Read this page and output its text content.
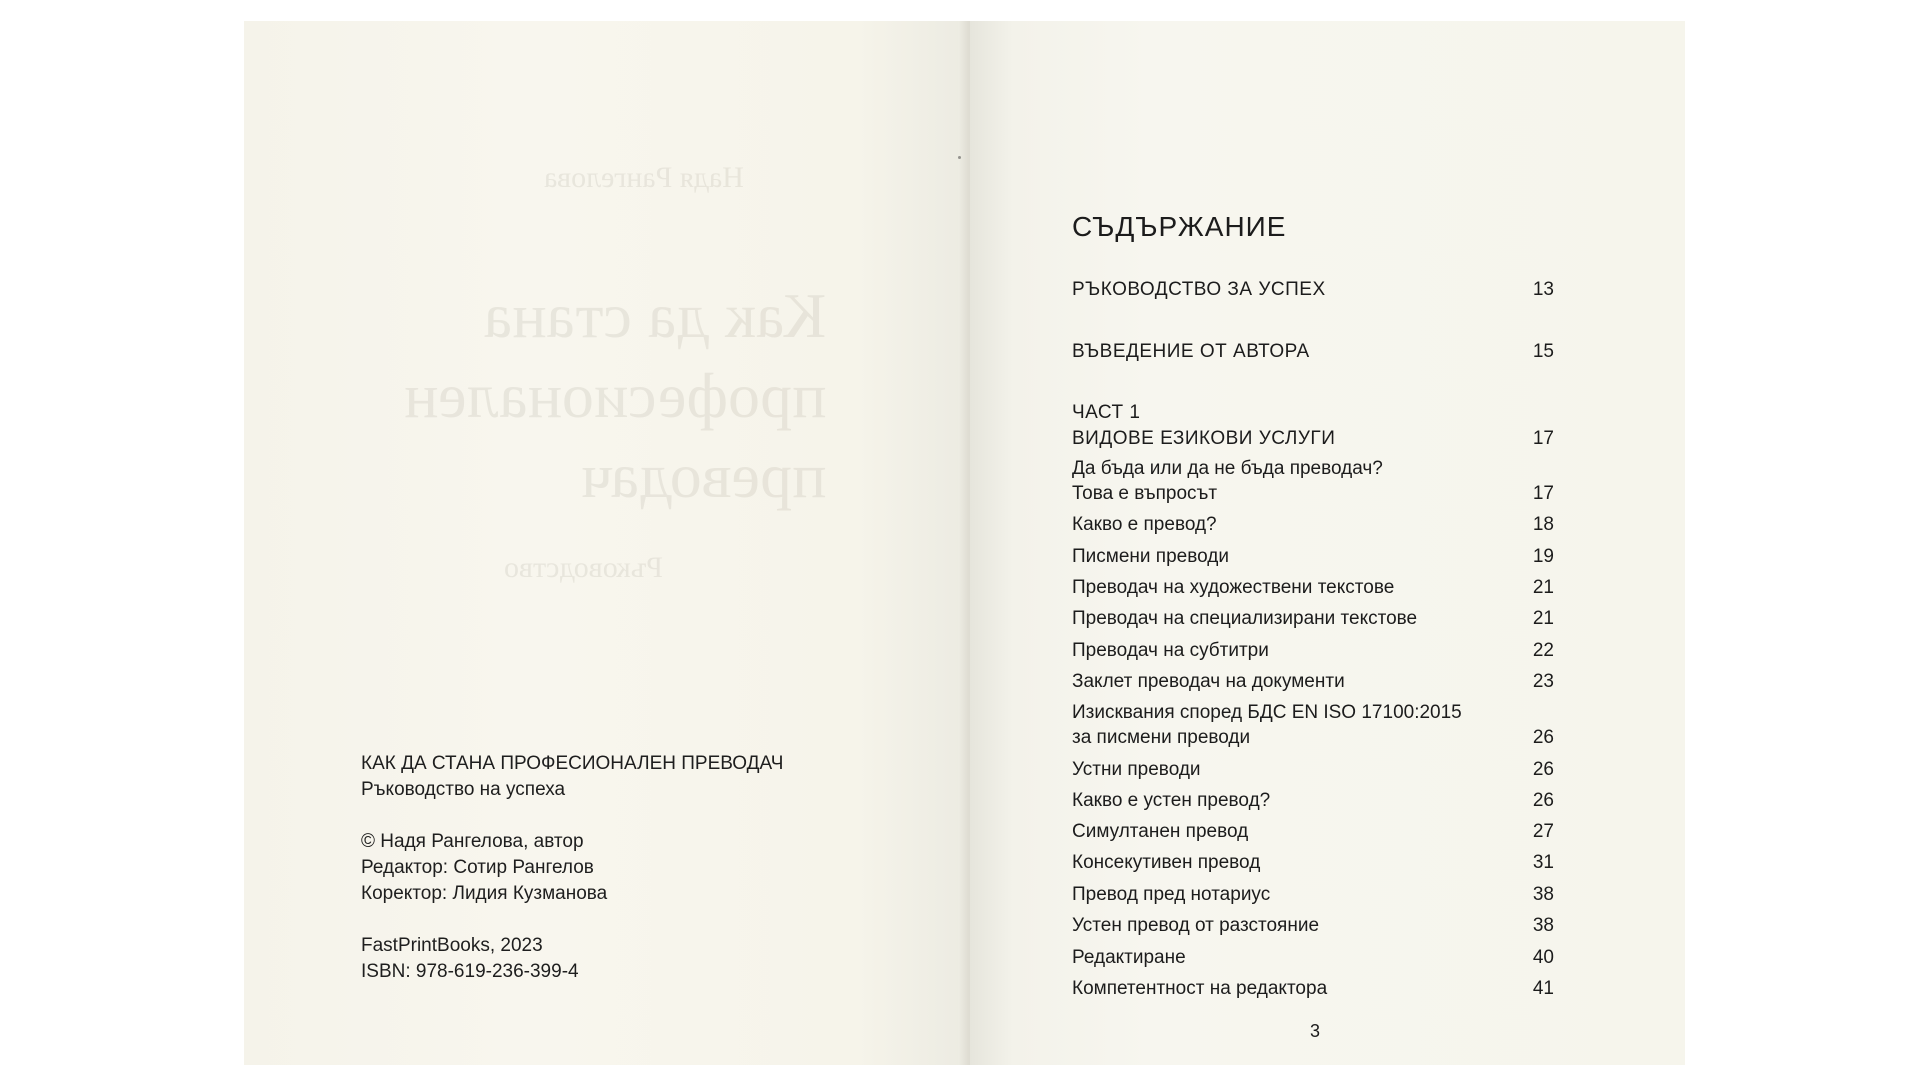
Надя Рангелова
Как да стана
професионален
преводач
Ръководство
КАК ДА СТАНА ПРОФЕСИОНАЛЕН ПРЕВОДАЧ
Ръководство на успеха
© Надя Рангелова, автор
Редактор: Сотир Рангелов
Коректор: Лидия Кузманова
FastPrintBooks, 2023
ISBN: 978-619-236-399-4
СЪДЪРЖАНИЕ
РЪКОВОДСТВО ЗА УСПЕХ	13
ВЪВЕДЕНИЕ ОТ АВТОРА	15
ЧАСТ 1
ВИДОВЕ ЕЗИКОВИ УСЛУГИ	17
Да бъда или да не бъда преводач?
Това е въпросът	17
Какво е превод?	18
Писмени преводи	19
Преводач на художествени текстове	21
Преводач на специализирани текстове	21
Преводач на субтитри	22
Заклет преводач на документи	23
Изисквания според БДС EN ISO 17100:2015
за писмени преводи	26
Устни преводи	26
Какво е устен превод?	26
Симултанен превод	27
Консекутивен превод	31
Превод пред нотариус	38
Устен превод от разстояние	38
Редактиране	40
Компетентност на редактора	41
3
